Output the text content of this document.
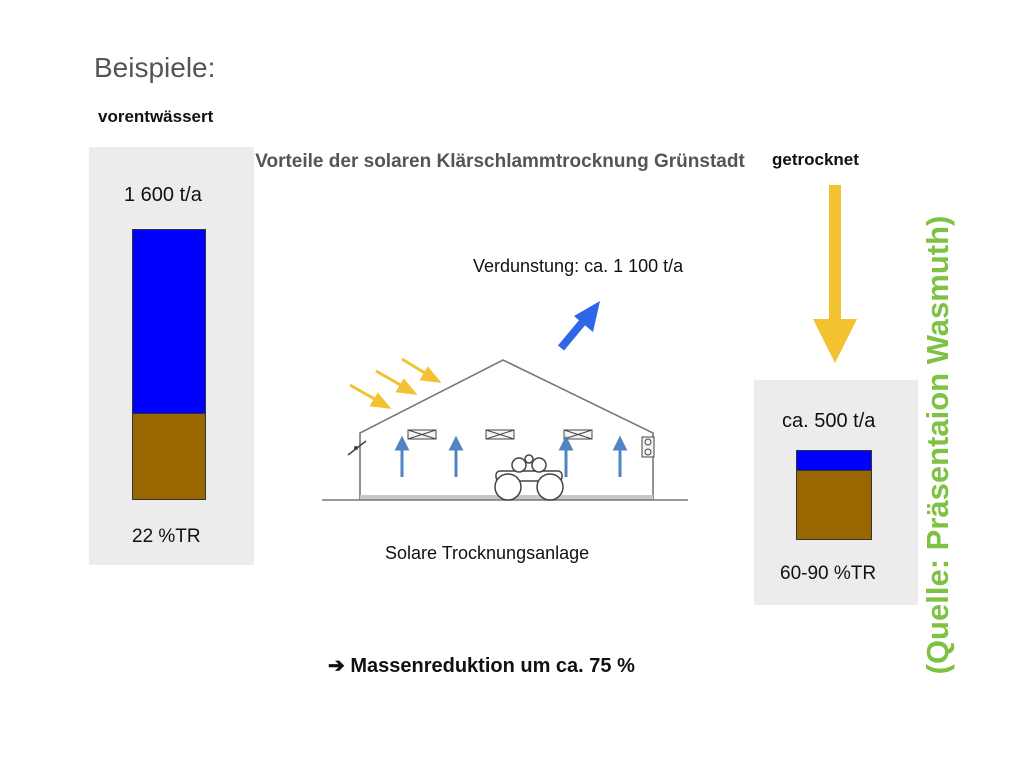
Beispiele:
vorentwässert
getrocknet
1 600 t/a
22 %TR
ca. 500 t/a
60-90 %TR
Vorteile der solaren Klärschlammtrocknung Grünstadt
Verdunstung: ca. 1 100 t/a
Solare Trocknungsanlage
➔ Massenreduktion um ca. 75 %	(Quelle: Präsentaion Wasmuth)
